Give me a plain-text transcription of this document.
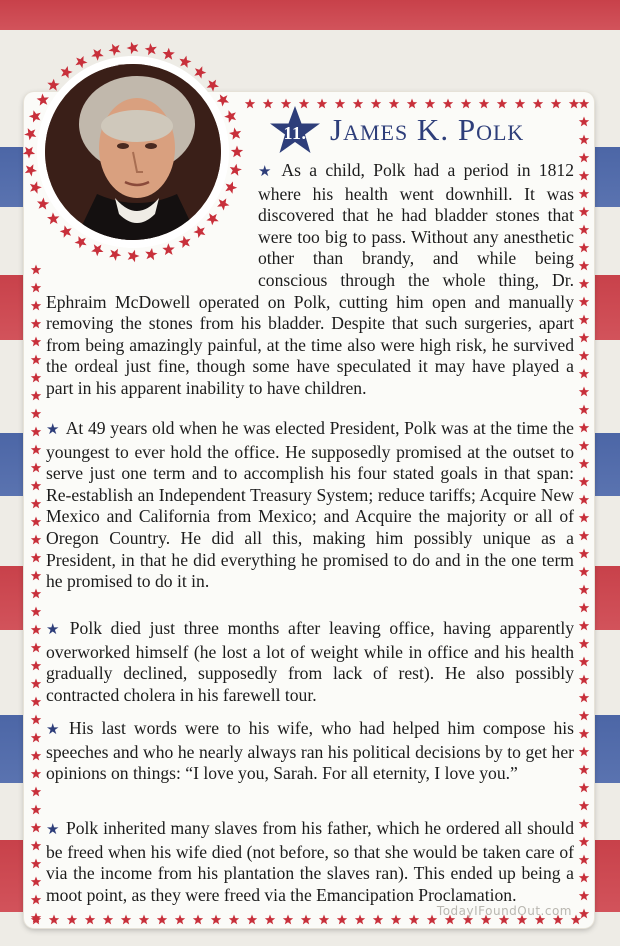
11. James K. Polk

★ As a child, Polk had a period in 1812 where his health went downhill. It was discovered that he had bladder stones that were too big to pass. Without any anesthetic other than brandy, and while being conscious through the whole thing, Dr. Ephraim McDowell operated on Polk, cutting him open and manually removing the stones from his bladder. Despite that such surgeries, apart from being amazingly painful, at the time also were high risk, he survived the ordeal just fine, though some have speculated it may have played a part in his apparent inability to have children.

★ At 49 years old when he was elected President, Polk was at the time the youngest to ever hold the office. He supposedly promised at the outset to serve just one term and to accomplish his four stated goals in that span: Re-establish an Independent Treasury System; reduce tariffs; Acquire New Mexico and California from Mexico; and Acquire the majority or all of Oregon Country. He did all this, making him possibly unique as a President, in that he did everything he promised to do and in the one term he promised to do it in.

★ Polk died just three months after leaving office, having apparently overworked himself (he lost a lot of weight while in office and his health gradually declined, supposedly from lack of rest). He also possibly contracted cholera in his farewell tour.

★ His last words were to his wife, who had helped him compose his speeches and who he nearly always ran his political decisions by to get her opinions on things: “I love you, Sarah. For all eternity, I love you.”

★ Polk inherited many slaves from his father, which he ordered all should be freed when his wife died (not before, so that she would be taken care of via the income from his plantation the slaves ran). This ended up being a moot point, as they were freed via the Emancipation Proclamation.

TodayIFoundOut.com
